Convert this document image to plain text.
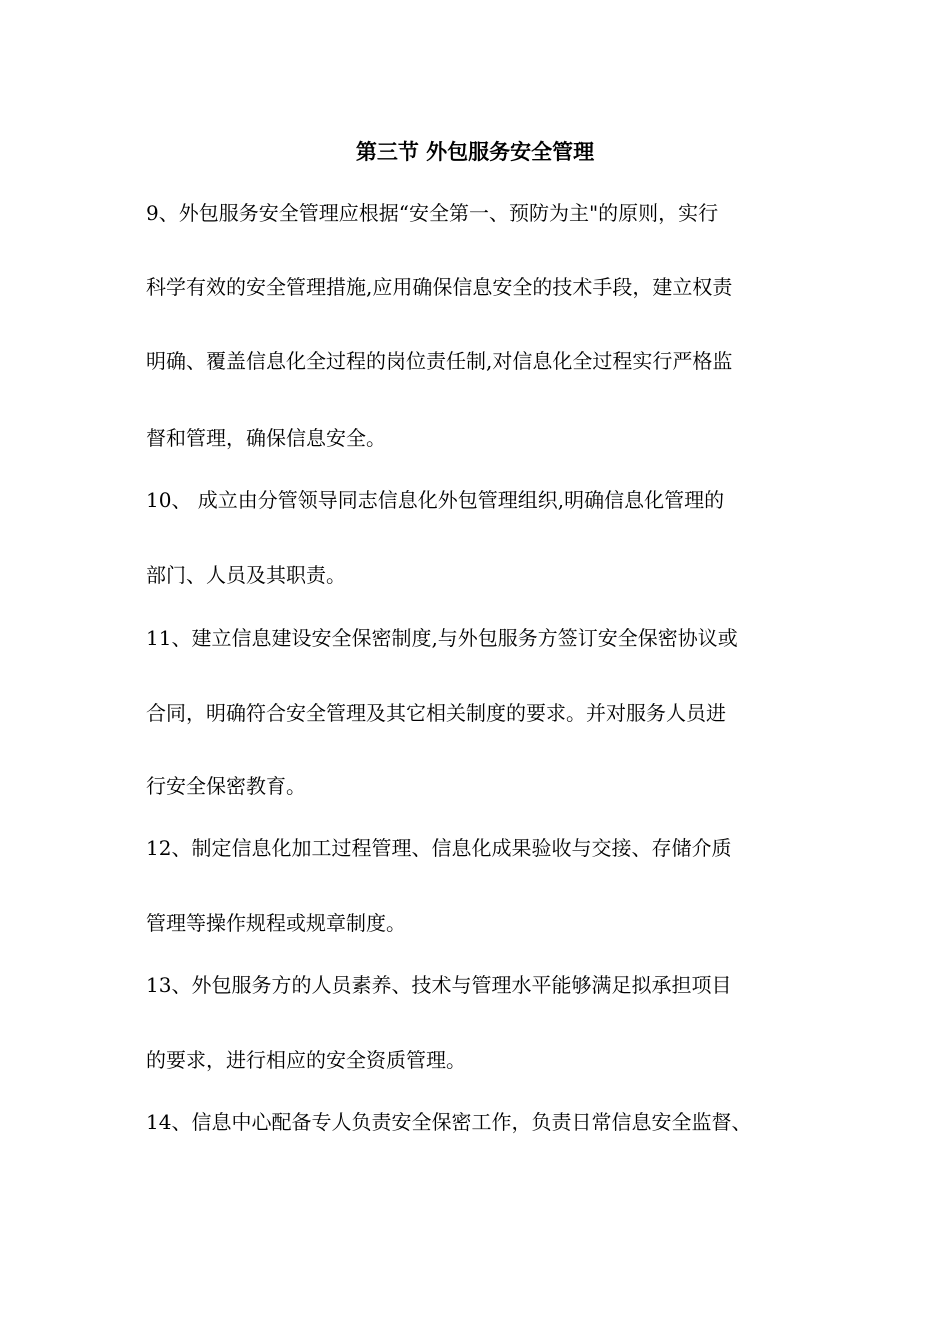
第三节 外包服务安全管理
9、外包服务安全管理应根据“安全第一、预防为主"的原则，实行
科学有效的安全管理措施,应用确保信息安全的技术手段，建立权责
明确、覆盖信息化全过程的岗位责任制,对信息化全过程实行严格监
督和管理，确保信息安全。
10、 成立由分管领导同志信息化外包管理组织,明确信息化管理的
部门、人员及其职责。
11、建立信息建设安全保密制度,与外包服务方签订安全保密协议或
合同，明确符合安全管理及其它相关制度的要求。并对服务人员进
行安全保密教育。
12、制定信息化加工过程管理、信息化成果验收与交接、存储介质
管理等操作规程或规章制度。
13、外包服务方的人员素养、技术与管理水平能够满足拟承担项目
的要求，进行相应的安全资质管理。
14、信息中心配备专人负责安全保密工作，负责日常信息安全监督、
